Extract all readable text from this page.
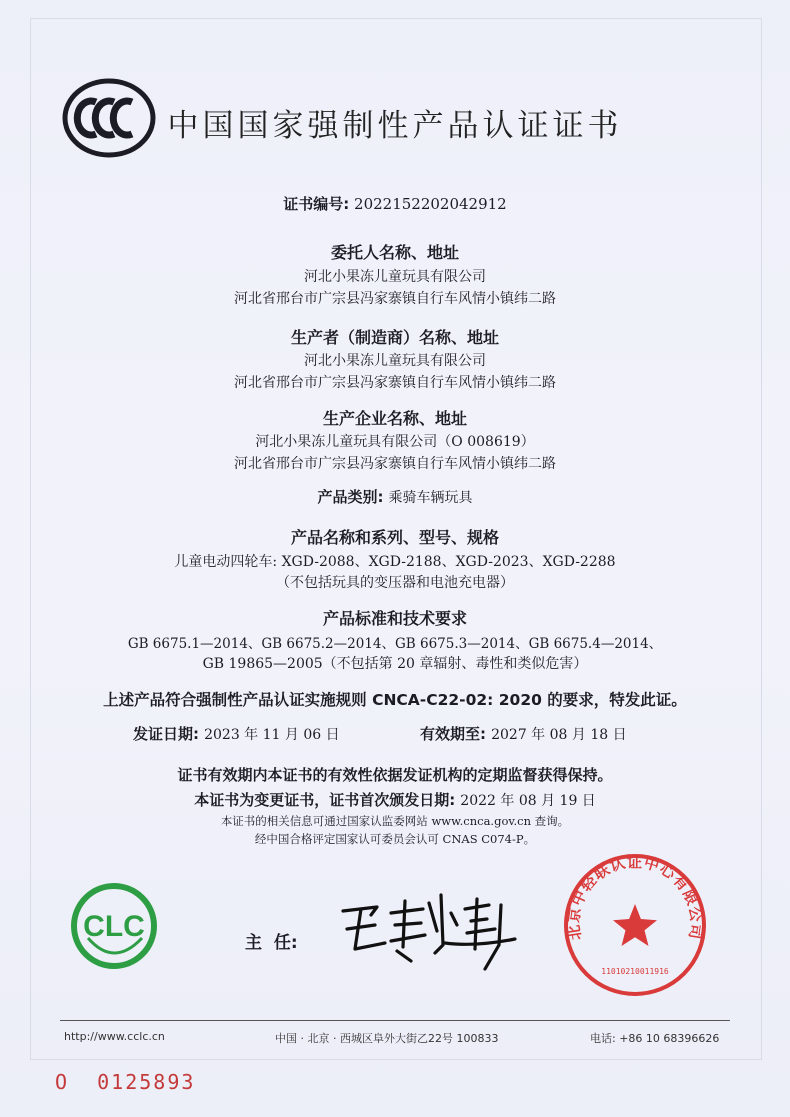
中国国家强制性产品认证证书
证书编号: 2022152202042912
委托人名称、地址
河北小果冻儿童玩具有限公司
河北省邢台市广宗县冯家寨镇自行车风情小镇纬二路
生产者（制造商）名称、地址
河北小果冻儿童玩具有限公司
河北省邢台市广宗县冯家寨镇自行车风情小镇纬二路
生产企业名称、地址
河北小果冻儿童玩具有限公司（O 008619）
河北省邢台市广宗县冯家寨镇自行车风情小镇纬二路
产品类别: 乘骑车辆玩具
产品名称和系列、型号、规格
儿童电动四轮车: XGD-2088、XGD-2188、XGD-2023、XGD-2288
（不包括玩具的变压器和电池充电器）
产品标准和技术要求
GB 6675.1—2014、GB 6675.2—2014、GB 6675.3—2014、GB 6675.4—2014、
GB 19865—2005（不包括第 20 章辐射、毒性和类似危害）
上述产品符合强制性产品认证实施规则 CNCA-C22-02: 2020 的要求，特发此证。
发证日期: 2023 年 11 月 06 日	有效期至: 2027 年 08 月 18 日
证书有效期内本证书的有效性依据发证机构的定期监督获得保持。
本证书为变更证书，证书首次颁发日期: 2022 年 08 月 19 日
本证书的相关信息可通过国家认监委网站 www.cnca.gov.cn 查询。
经中国合格评定国家认可委员会认可 CNAS C074-P。
CLC	主  任:
北京中轻联认证中心有限公司
11010210011916
http://www.cclc.cn	中国 · 北京 · 西城区阜外大街乙22号 100833	电话: +86 10 68396626
O  0125893
